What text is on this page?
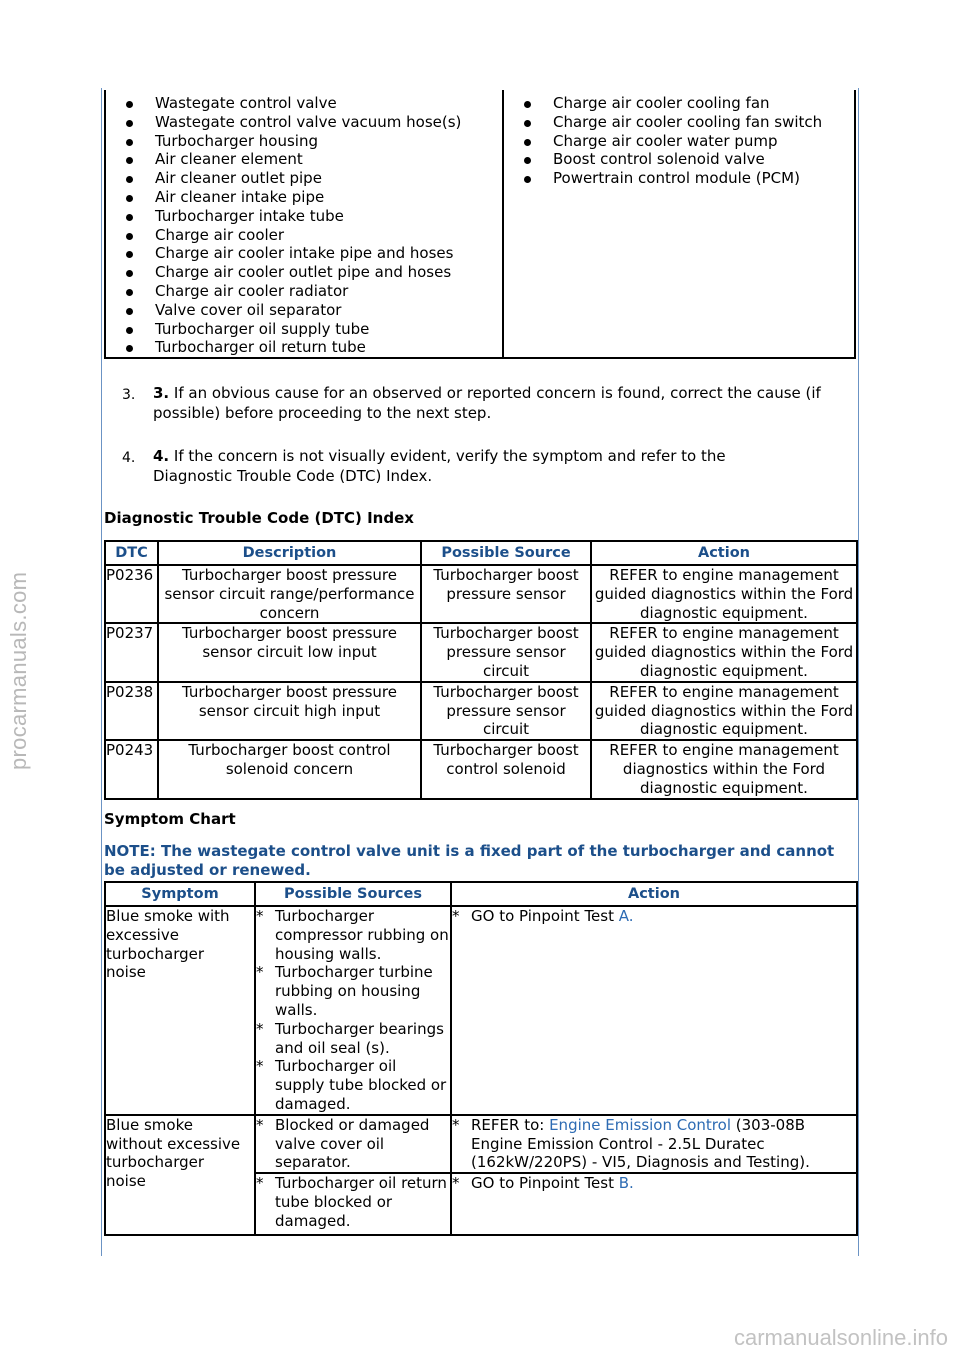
procarmanuals.com
Wastegate control valve
Wastegate control valve vacuum hose(s)
Turbocharger housing
Air cleaner element
Air cleaner outlet pipe
Air cleaner intake pipe
Turbocharger intake tube
Charge air cooler
Charge air cooler intake pipe and hoses
Charge air cooler outlet pipe and hoses
Charge air cooler radiator
Valve cover oil separator
Turbocharger oil supply tube
Turbocharger oil return tube
Charge air cooler cooling fan
Charge air cooler cooling fan switch
Charge air cooler water pump
Boost control solenoid valve
Powertrain control module (PCM)
3. 3. If an obvious cause for an observed or reported concern is found, correct the cause (if possible) before proceeding to the next step.
4. 4. If the concern is not visually evident, verify the symptom and refer to the Diagnostic Trouble Code (DTC) Index.
Diagnostic Trouble Code (DTC) Index
DTC	Description	Possible Source	Action
P0236	Turbocharger boost pressure sensor circuit range/performance concern	Turbocharger boost pressure sensor	REFER to engine management guided diagnostics within the Ford diagnostic equipment.
P0237	Turbocharger boost pressure sensor circuit low input	Turbocharger boost pressure sensor circuit	REFER to engine management guided diagnostics within the Ford diagnostic equipment.
P0238	Turbocharger boost pressure sensor circuit high input	Turbocharger boost pressure sensor circuit	REFER to engine management guided diagnostics within the Ford diagnostic equipment.
P0243	Turbocharger boost control solenoid concern	Turbocharger boost control solenoid	REFER to engine management diagnostics within the Ford diagnostic equipment.
Symptom Chart
NOTE: The wastegate control valve unit is a fixed part of the turbocharger and cannot be adjusted or renewed.
Symptom	Possible Sources	Action
Blue smoke with excessive turbocharger noise	* Turbocharger compressor rubbing on housing walls.
* Turbocharger turbine rubbing on housing walls.
* Turbocharger bearings and oil seal (s).
* Turbocharger oil supply tube blocked or damaged.	* GO to Pinpoint Test A.

Blue smoke without excessive turbocharger noise	* Blocked or damaged valve cover oil separator.	* REFER to: Engine Emission Control (303-08B Engine Emission Control - 2.5L Duratec (162kW/220PS) - VI5, Diagnosis and Testing).

	* Turbocharger oil return tube blocked or damaged.	* GO to Pinpoint Test B.
carmanualsonline.info
